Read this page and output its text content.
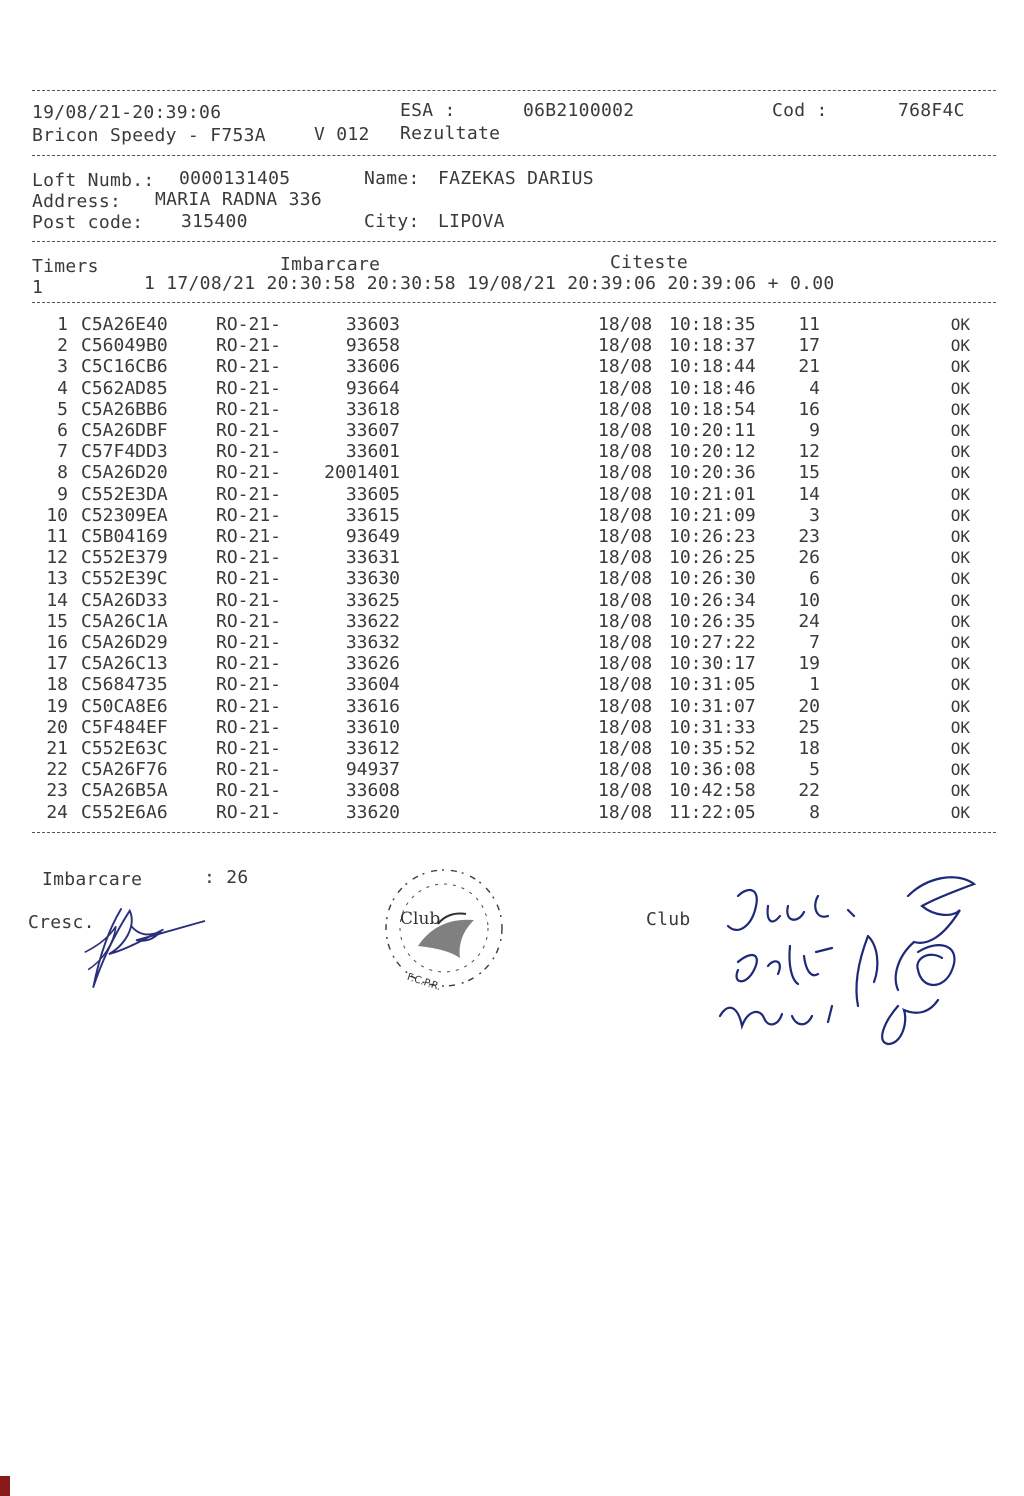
19/08/21-20:39:06	ESA :	06B2100002	Cod :	768F4C
Bricon Speedy - F753A	V 012 Rezultate
Loft Numb.: 0000131405	Name: FAZEKAS DARIUS
Address: MARIA RADNA 336
Post code: 315400	City: LIPOVA
Timers	Imbarcare	Citeste
1	1 17/08/21 20:30:58 20:30:58 19/08/21 20:39:06 20:39:06 + 0.00
1 C5A26E40	RO-21-	33603	18/08 10:18:35	11	OK
2 C56049B0	RO-21-	93658	18/08 10:18:37	17	OK
3 C5C16CB6	RO-21-	33606	18/08 10:18:44	21	OK
4 C562AD85	RO-21-	93664	18/08 10:18:46	4	OK
5 C5A26BB6	RO-21-	33618	18/08 10:18:54	16	OK
6 C5A26DBF	RO-21-	33607	18/08 10:20:11	9	OK
7 C57F4DD3	RO-21-	33601	18/08 10:20:12	12	OK
8 C5A26D20	RO-21-	2001401	18/08 10:20:36	15	OK
9 C552E3DA	RO-21-	33605	18/08 10:21:01	14	OK
10 C52309EA	RO-21-	33615	18/08 10:21:09	3	OK
11 C5B04169	RO-21-	93649	18/08 10:26:23	23	OK
12 C552E379	RO-21-	33631	18/08 10:26:25	26	OK
13 C552E39C	RO-21-	33630	18/08 10:26:30	6	OK
14 C5A26D33	RO-21-	33625	18/08 10:26:34	10	OK
15 C5A26C1A	RO-21-	33622	18/08 10:26:35	24	OK
16 C5A26D29	RO-21-	33632	18/08 10:27:22	7	OK
17 C5A26C13	RO-21-	33626	18/08 10:30:17	19	OK
18 C5684735	RO-21-	33604	18/08 10:31:05	1	OK
19 C50CA8E6	RO-21-	33616	18/08 10:31:07	20	OK
20 C5F484EF	RO-21-	33610	18/08 10:31:33	25	OK
21 C552E63C	RO-21-	33612	18/08 10:35:52	18	OK
22 C5A26F76	RO-21-	94937	18/08 10:36:08	5	OK
23 C5A26B5A	RO-21-	33608	18/08 10:42:58	22	OK
24 C552E6A6	RO-21-	33620	18/08 11:22:05	8	OK
Imbarcare	: 26
Cresc.	Club
Club
F.C.P.R.
